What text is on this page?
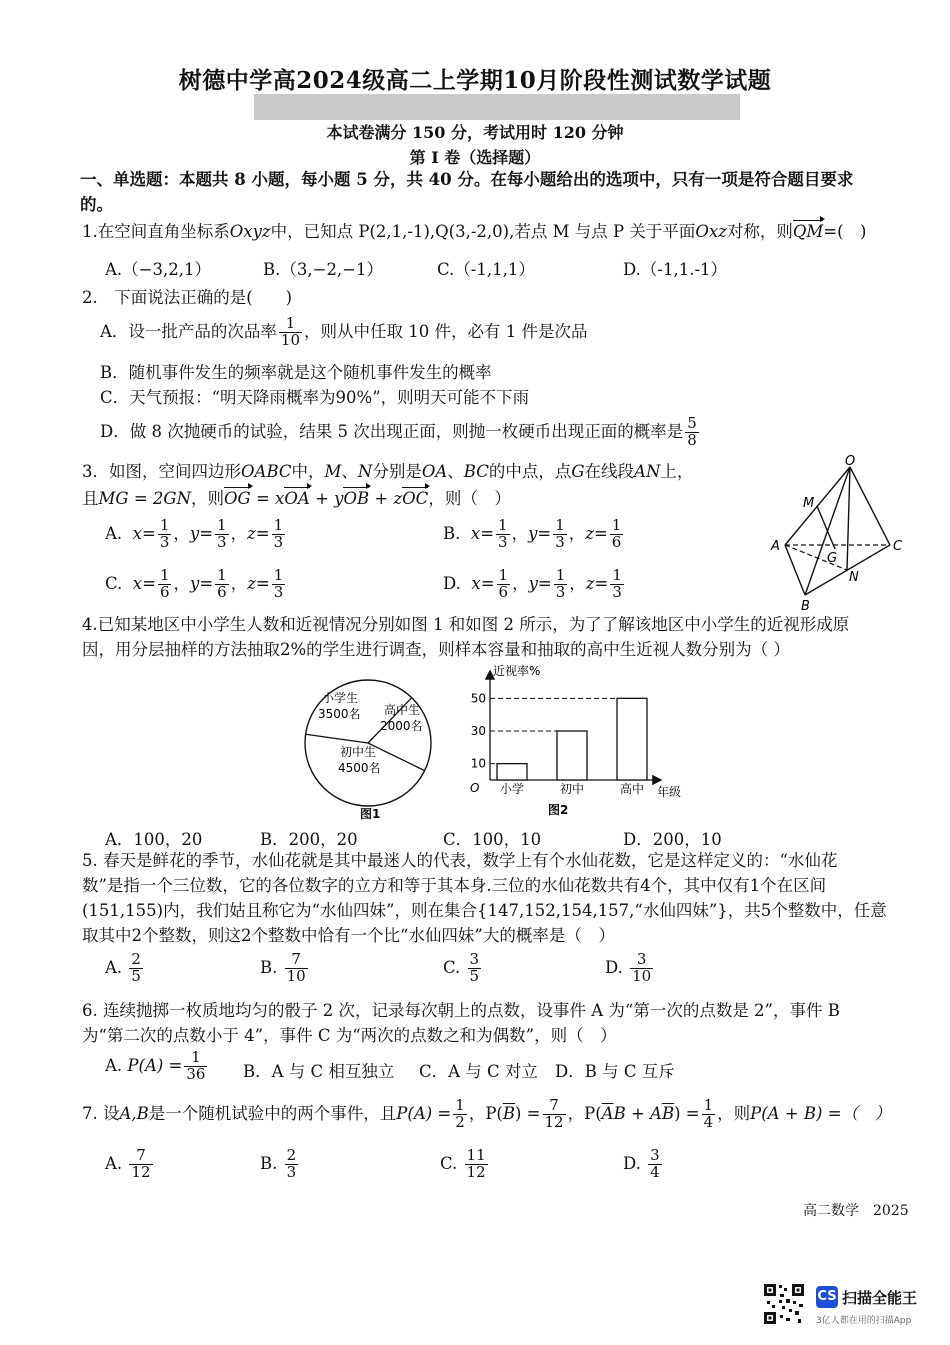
树德中学高2024级高二上学期10月阶段性测试数学试题
本试卷满分 150 分，考试用时 120 分钟
第 I 卷（选择题）
一、单选题：本题共 8 小题，每小题 5 分，共 40 分。在每小题给出的选项中，只有一项是符合题目要求
的。
1.在空间直角坐标系Oxyz中，已知点 P(2,1,-1),Q(3,-2,0),若点 M 与点 P 关于平面Oxz对称，则QM=(　)
A.（−3,2,1）	B.（3,−2,−1）	C.（-1,1,1）	D.（-1,1.-1）
2.　下面说法正确的是(　　)
A．设一批产品的次品率 $\frac{1}{10}$ ，则从中任取 10 件，必有 1 件是次品
B．随机事件发生的频率就是这个随机事件发生的概率
C．天气预报：“明天降雨概率为90%”，则明天可能不下雨
D．做 8 次抛硬币的试验，结果 5 次出现正面，则抛一枚硬币出现正面的概率是 $\frac{5}{8}$
3．如图，空间四边形OABC中，M、N分别是OA、BC的中点，点G在线段AN上，
且MG = 2GN，则OG = xOA + yOB + zOC，则（　）
A. $x= \frac{1}{3}$ ，$y= \frac{1}{3}$ ，$z= \frac{1}{3}$	B. $x= \frac{1}{3}$ ，$y= \frac{1}{3}$ ，$z= \frac{1}{6}$
C. $x= \frac{1}{6}$ ，$y= \frac{1}{6}$ ，$z= \frac{1}{3}$	D. $x= \frac{1}{6}$ ，$y= \frac{1}{3}$ ，$z= \frac{1}{3}$
O
M
A
G
C
N
B
4.已知某地区中小学生人数和近视情况分别如图 1 和如图 2 所示，为了了解该地区中小学生的近视形成原
因，用分层抽样的方法抽取2%的学生进行调查，则样本容量和抽取的高中生近视人数分别为（ ）
小学生
3500名 高中生
2000名
初中生
4500名
图1
近视率%
年级
O 小学
10
初中
30
高中
50
图2
A．100，20	B．200，20	C．100，10	D．200，10
5. 春天是鲜花的季节，水仙花就是其中最迷人的代表，数学上有个水仙花数，它是这样定义的：“水仙花
数”是指一个三位数，它的各位数字的立方和等于其本身.三位的水仙花数共有4个，其中仅有1个在区间
(151,155)内，我们姑且称它为“水仙四妹”，则在集合{147,152,154,157,“水仙四妹”}，共5个整数中，任意
取其中2个整数，则这2个整数中恰有一个比“水仙四妹”大的概率是（　）
A. $\frac{2}{5}$	B. $\frac{7}{10}$	C. $\frac{3}{5}$	D. $\frac{3}{10}$
6. 连续抛掷一枚质地均匀的骰子 2 次，记录每次朝上的点数，设事件 A 为“第一次的点数是 2”，事件 B
为“第二次的点数小于 4”，事件 C 为“两次的点数之和为偶数”，则（　）
A. $P(A) = \frac{1}{36}$ B．A 与 C 相互独立 C．A 与 C 对立 D．B 与 C 互斥
7. 设A,B是一个随机试验中的两个事件，且$P(A) = \frac{1}{2}$ ，$P(\overline{B}) = \frac{7}{12}$ ，$P(\overline{A}B + A\overline{B}) = \frac{1}{4}$ ，则P(A + B) =（　）
A. $\frac{7}{12}$	B. $\frac{2}{3}$	C. $\frac{11}{12}$	D. $\frac{3}{4}$
高二数学　2025
CS 扫描全能王
3亿人都在用的扫描App
